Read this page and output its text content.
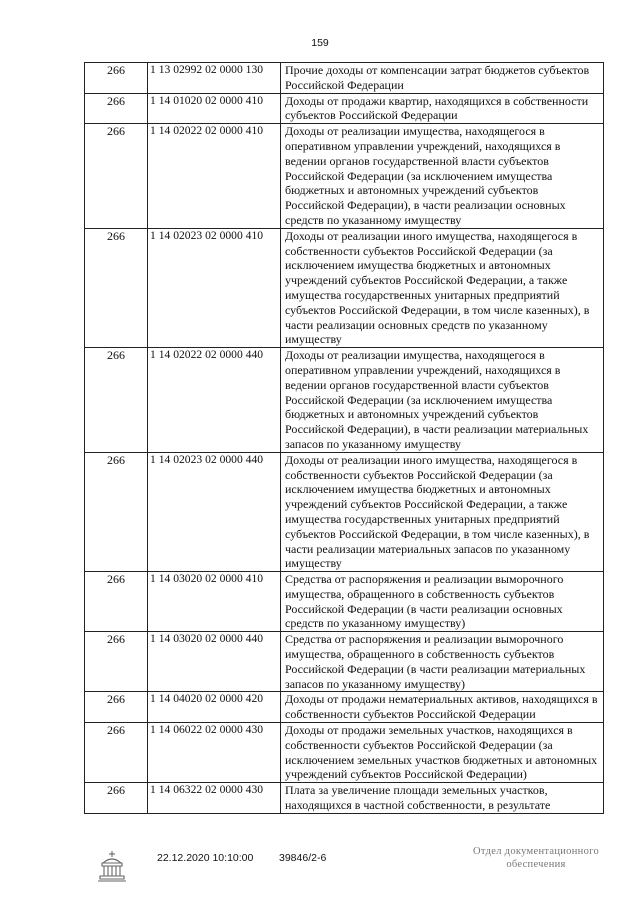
159
266	1 13 02992 02 0000 130	Прочие доходы от компенсации затрат бюджетов субъектов Российской Федерации
266	1 14 01020 02 0000 410	Доходы от продажи квартир, находящихся в собственности субъектов Российской Федерации
266	1 14 02022 02 0000 410	Доходы от реализации имущества, находящегося в оперативном управлении учреждений, находящихся в ведении органов государственной власти субъектов Российской Федерации (за исключением имущества бюджетных и автономных учреждений субъектов Российской Федерации), в части реализации основных средств по указанному имуществу
266	1 14 02023 02 0000 410	Доходы от реализации иного имущества, находящегося в собственности субъектов Российской Федерации (за исключением имущества бюджетных и автономных учреждений субъектов Российской Федерации, а также имущества государственных унитарных предприятий субъектов Российской Федерации, в том числе казенных), в части реализации основных средств по указанному имуществу
266	1 14 02022 02 0000 440	Доходы от реализации имущества, находящегося в оперативном управлении учреждений, находящихся в ведении органов государственной власти субъектов Российской Федерации (за исключением имущества бюджетных и автономных учреждений субъектов Российской Федерации), в части реализации материальных запасов по указанному имуществу
266	1 14 02023 02 0000 440	Доходы от реализации иного имущества, находящегося в собственности субъектов Российской Федерации (за исключением имущества бюджетных и автономных учреждений субъектов Российской Федерации, а также имущества государственных унитарных предприятий субъектов Российской Федерации, в том числе казенных), в части реализации материальных запасов по указанному имуществу
266	1 14 03020 02 0000 410	Средства от распоряжения и реализации выморочного имущества, обращенного в собственность субъектов Российской Федерации (в части реализации основных средств по указанному имуществу)
266	1 14 03020 02 0000 440	Средства от распоряжения и реализации выморочного имущества, обращенного в собственность субъектов Российской Федерации (в части реализации материальных запасов по указанному имуществу)
266	1 14 04020 02 0000 420	Доходы от продажи нематериальных активов, находящихся в собственности субъектов Российской Федерации
266	1 14 06022 02 0000 430	Доходы от продажи земельных участков, находящихся в собственности субъектов Российской Федерации (за исключением земельных участков бюджетных и автономных учреждений субъектов Российской Федерации)
266	1 14 06322 02 0000 430	Плата за увеличение площади земельных участков, находящихся в частной собственности, в результате
22.12.2020 10:10:00 39846/2-6
Отдел документационного
обеспечения
